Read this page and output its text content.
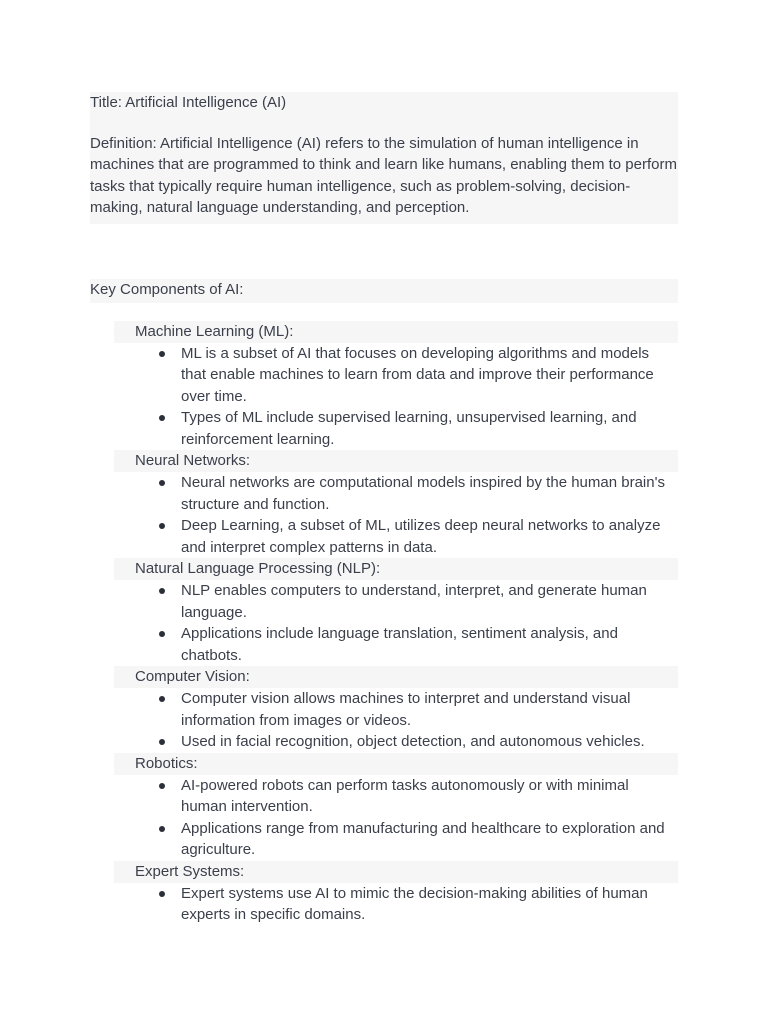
Title: Artificial Intelligence (AI)

Definition: Artificial Intelligence (AI) refers to the simulation of human intelligence in machines that are programmed to think and learn like humans, enabling them to perform tasks that typically require human intelligence, such as problem-solving, decision-making, natural language understanding, and perception.

Key Components of AI:
Machine Learning (ML):
ML is a subset of AI that focuses on developing algorithms and models that enable machines to learn from data and improve their performance over time.
Types of ML include supervised learning, unsupervised learning, and reinforcement learning.
Neural Networks:
Neural networks are computational models inspired by the human brain's structure and function.
Deep Learning, a subset of ML, utilizes deep neural networks to analyze and interpret complex patterns in data.
Natural Language Processing (NLP):
NLP enables computers to understand, interpret, and generate human language.
Applications include language translation, sentiment analysis, and chatbots.
Computer Vision:
Computer vision allows machines to interpret and understand visual information from images or videos.
Used in facial recognition, object detection, and autonomous vehicles.
Robotics:
AI-powered robots can perform tasks autonomously or with minimal human intervention.
Applications range from manufacturing and healthcare to exploration and agriculture.
Expert Systems:
Expert systems use AI to mimic the decision-making abilities of human experts in specific domains.
